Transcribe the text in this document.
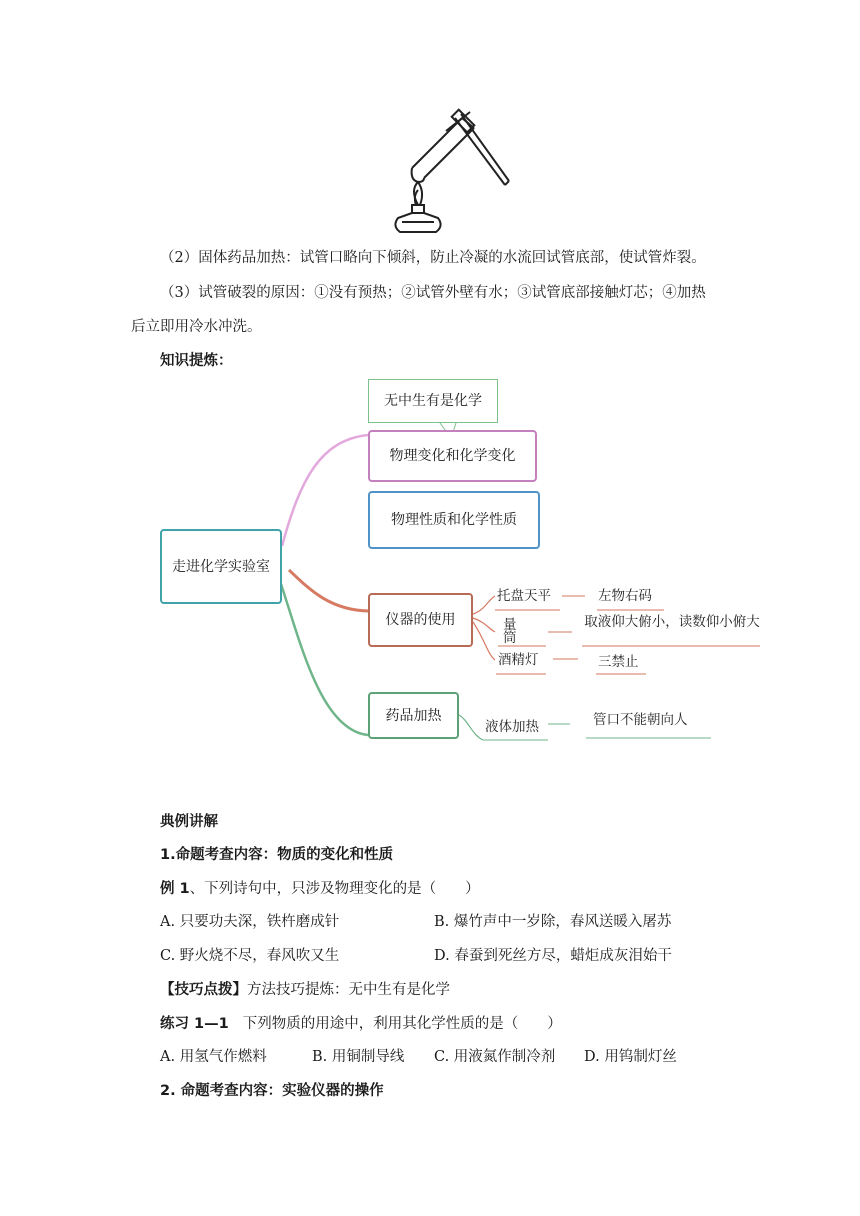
（2）固体药品加热：试管口略向下倾斜，防止冷凝的水流回试管底部，使试管炸裂。
（3）试管破裂的原因：①没有预热；②试管外壁有水；③试管底部接触灯芯；④加热
后立即用冷水冲洗。
知识提炼：
无中生有是化学
走进化学实验室
物理变化和化学变化
物理性质和化学性质
仪器的使用
药品加热
托盘天平	左物右码
量
筒
取液仰大俯小，读数仰小俯大
酒精灯	三禁止
液体加热	管口不能朝向人
典例讲解
1.命题考查内容：物质的变化和性质
例 1、下列诗句中，只涉及物理变化的是（　　）
A. 只要功夫深，铁杵磨成针	B. 爆竹声中一岁除，春风送暖入屠苏
C. 野火烧不尽，春风吹又生	D. 春蚕到死丝方尽，蜡炬成灰泪始干
【技巧点拨】方法技巧提炼：无中生有是化学
练习 1—1 下列物质的用途中，利用其化学性质的是（　　）
A. 用氢气作燃料	B. 用铜制导线 C. 用液氮作制冷剂 D. 用钨制灯丝
2. 命题考查内容：实验仪器的操作
